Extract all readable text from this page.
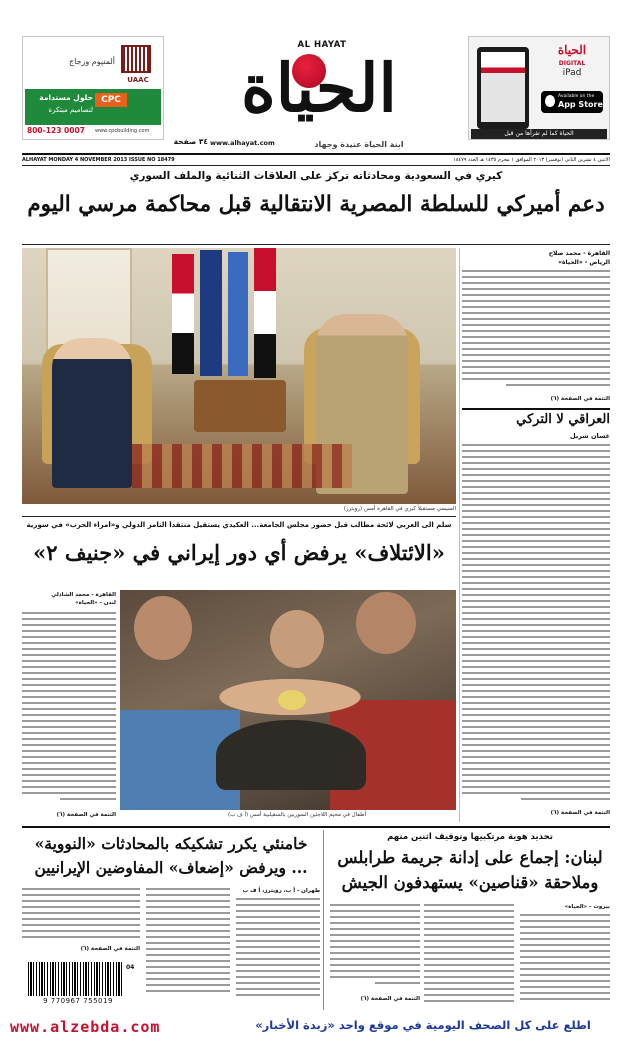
UAAC
ألمنيوم وزجاج
CPC
حلول مستدامة
لتصاميم مبتكرة
800-123 0007	www.cpcbuilding.com
AL HAYAT
الحياة
ابنة الحياة عنيدة وجهاد
www.alhayat.com
٣٤ صفحة
الحياة
DIGITAL
iPad
Available on the
App Store
الحياة كما لم تقرأها من قبل
ALHAYAT MONDAY 4 NOVEMBER 2013 ISSUE NO 18479	الاثنين ٤ تشرين الثاني (نوفمبر) ٢٠١٣ الموافق ١ محرم ١٤٣٥ هـ العدد ١٨٤٧٩
كيري في السعودية ومحادثاته تركز على العلاقات الثنائية والملف السوري
دعم أميركي للسلطة المصرية الانتقالية قبل محاكمة مرسي اليوم
السيسي مستقبلاً كيري في القاهرة أمس (رويترز)
القاهرة - محمد صلاح
الرياض - «الحياة»
التتمة في الصفحة (٦)
العراقي لا التركي
غسان شربل
التتمة في الصفحة (٦)
سلم الى العربي لائحة مطالب قبل حضور مجلس الجامعة... العكيدي يستقيل منتقداً التآمر الدولي و«أمراء الحرب» في سورية
«الائتلاف» يرفض أي دور إيراني في «جنيف ٢»
القاهرة - محمد الشاذلي
لندن - «الحياة»
التتمة في الصفحة (٦)	أطفال في مخيم اللاجئين السوريين بالسقيلبية أمس (أ ف ب)
تحديد هوية مرتكبيها وتوقيف اثنين منهم
لبنان: إجماع على إدانة جريمة طرابلس
وملاحقة «قناصين» يستهدفون الجيش
بيروت - «الحياة»
التتمة في الصفحة (٦)
خامنئي يكرر تشكيكه بالمحادثات «النووية»
... ويرفض «إضعاف» المفاوضين الإيرانيين
طهران - أ ب، رويترز، أ ف ب
التتمة في الصفحة (٦)
04
9 770967 755019
www.alzebda.com	اطلع على كل الصحف اليومية في موقع واحد «زبدة الأخبار»
